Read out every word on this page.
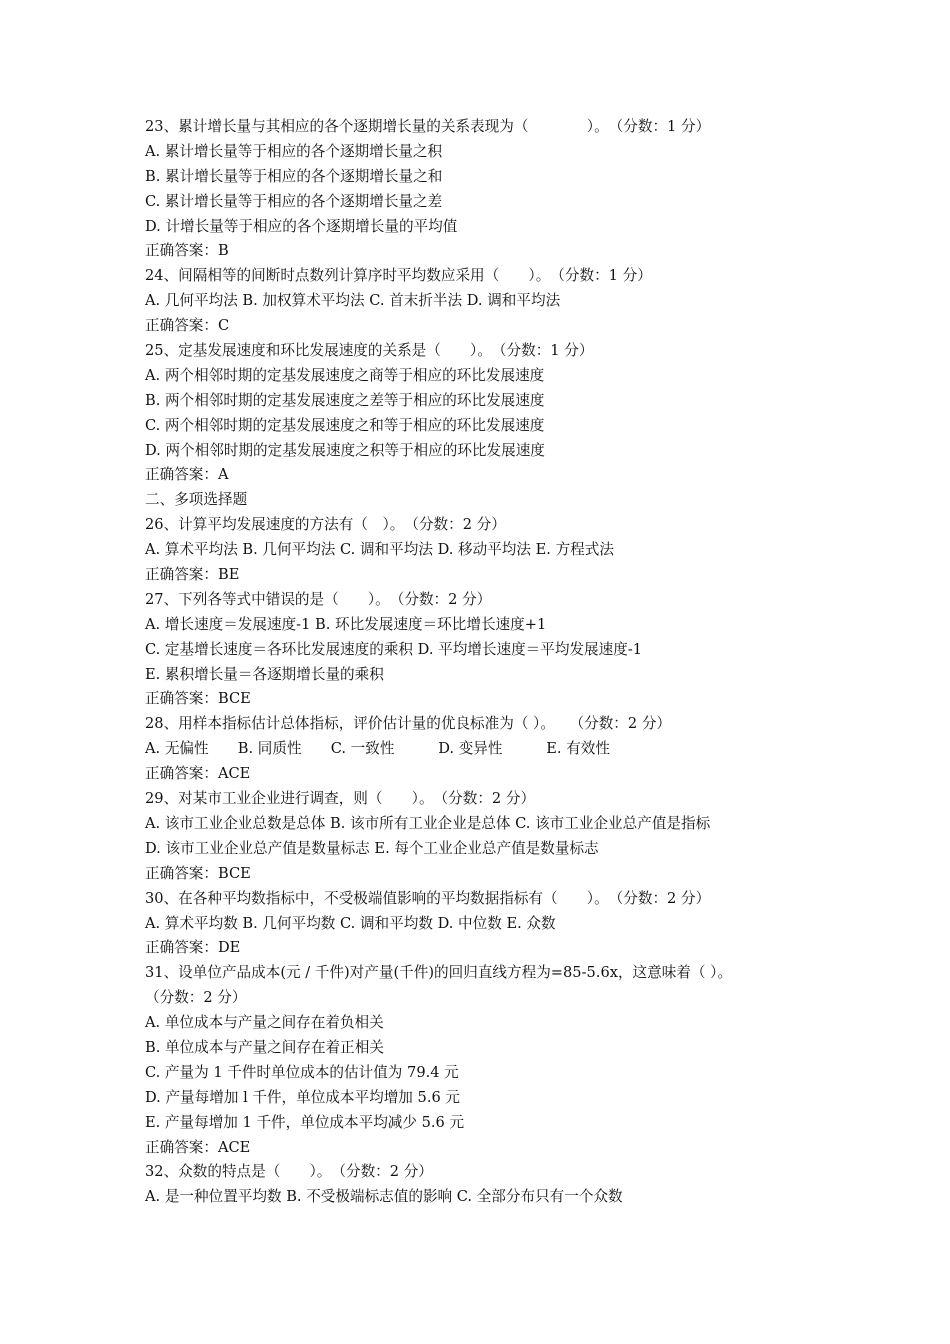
23、累计增长量与其相应的各个逐期增长量的关系表现为（　　　　）。　（分数：1 分）
A. 累计增长量等于相应的各个逐期增长量之积
B. 累计增长量等于相应的各个逐期增长量之和
C. 累计增长量等于相应的各个逐期增长量之差
D. 计增长量等于相应的各个逐期增长量的平均值
正确答案：B
24、间隔相等的间断时点数列计算序时平均数应采用（　　）。　（分数：1 分）
A. 几何平均法 B. 加权算术平均法 C. 首末折半法 D. 调和平均法
正确答案：C
25、定基发展速度和环比发展速度的关系是（　　）。　（分数：1 分）
A. 两个相邻时期的定基发展速度之商等于相应的环比发展速度
B. 两个相邻时期的定基发展速度之差等于相应的环比发展速度
C. 两个相邻时期的定基发展速度之和等于相应的环比发展速度
D. 两个相邻时期的定基发展速度之积等于相应的环比发展速度
正确答案：A
二、多项选择题
26、计算平均发展速度的方法有（　）。　（分数：2 分）
A. 算术平均法 B. 几何平均法 C. 调和平均法 D. 移动平均法 E. 方程式法
正确答案：BE
27、下列各等式中错误的是（　　）。　（分数：2 分）
A. 增长速度＝发展速度-1 B. 环比发展速度＝环比增长速度+1
C. 定基增长速度＝各环比发展速度的乘积 D. 平均增长速度＝平均发展速度-1
E. 累积增长量＝各逐期增长量的乘积
正确答案：BCE
28、用样本指标估计总体指标，评价估计量的优良标准为（ ）。　　（分数：2 分）
A. 无偏性　　B. 同质性　　C. 一致性　　　D. 变异性　　　E. 有效性
正确答案：ACE
29、对某市工业企业进行调查，则（　　）。　（分数：2 分）
A. 该市工业企业总数是总体 B. 该市所有工业企业是总体 C. 该市工业企业总产值是指标
D. 该市工业企业总产值是数量标志 E. 每个工业企业总产值是数量标志
正确答案：BCE
30、在各种平均数指标中，不受极端值影响的平均数据指标有（　　）。　（分数：2 分）
A. 算术平均数 B. 几何平均数 C. 调和平均数 D. 中位数 E. 众数
正确答案：DE
31、设单位产品成本(元 / 千件)对产量(千件)的回归直线方程为=85-5.6x，这意味着（ ）。
（分数：2 分）
A. 单位成本与产量之间存在着负相关
B. 单位成本与产量之间存在着正相关
C. 产量为 1 千件时单位成本的估计值为 79.4 元
D. 产量每增加 l 千件，单位成本平均增加 5.6 元
E. 产量每增加 1 千件，单位成本平均减少 5.6 元
正确答案：ACE
32、众数的特点是（　　）。　（分数：2 分）
A. 是一种位置平均数 B. 不受极端标志值的影响 C. 全部分布只有一个众数
